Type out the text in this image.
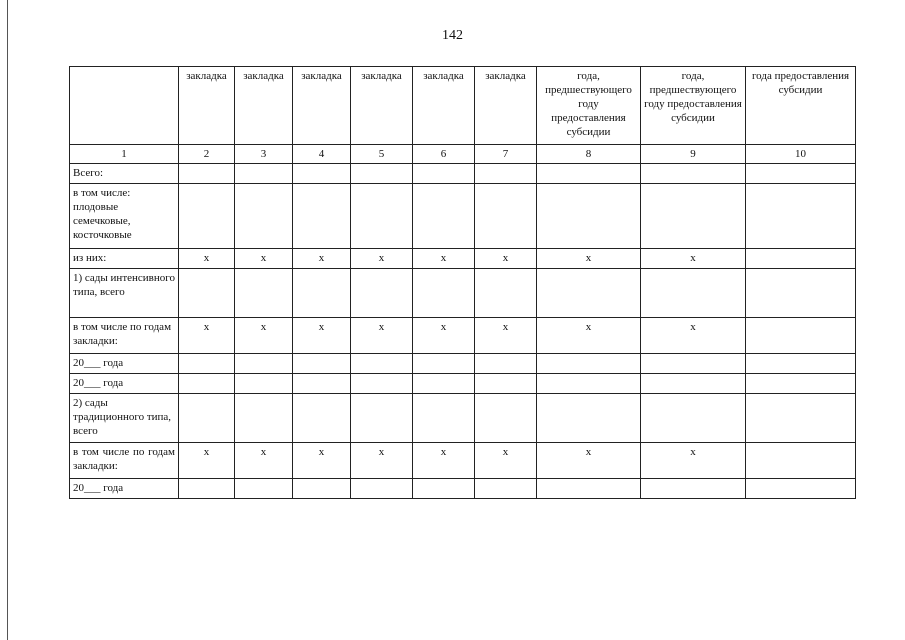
142
	закладка	закладка	закладка	закладка	закладка	закладка	года, предшествующего году предоставления субсидии	года, предшествующего году предоставления субсидии	года предоставления субсидии
1	2	3	4	5	6	7	8	9	10
Всего:									
в том числе: плодовые семечковые, косточковые									
из них:	x	x	x	x	x	x	x	x	
1) сады интенсивного типа, всего									
в том числе по годам закладки:	x	x	x	x	x	x	x	x	
20___ года									
20___ года									
2) сады традиционного типа, всего									
в том числе по годам закладки:	x	x	x	x	x	x	x	x	
20___ года									
